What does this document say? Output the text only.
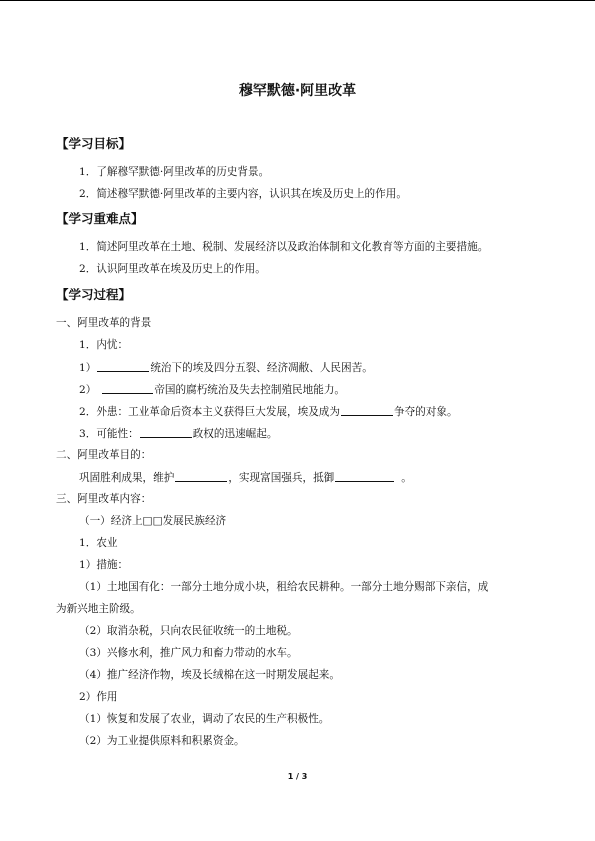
穆罕默德·阿里改革
【学习目标】
1．了解穆罕默德·阿里改革的历史背景。
2．简述穆罕默德·阿里改革的主要内容，认识其在埃及历史上的作用。
【学习重难点】
1．简述阿里改革在土地、税制、发展经济以及政治体制和文化教育等方面的主要措施。
2．认识阿里改革在埃及历史上的作用。
【学习过程】
一、阿里改革的背景
1．内忧：
1）	统治下的埃及四分五裂、经济凋敝、人民困苦。
2）	帝国的腐朽统治及失去控制殖民地能力。
2．外患：工业革命后资本主义获得巨大发展，埃及成为	争夺的对象。
3．可能性：	政权的迅速崛起。
二、阿里改革目的：
巩固胜利成果，维护	，实现富国强兵，抵御	。
三、阿里改革内容：
（一）经济上□□发展民族经济
1．农业
1）措施：
（1）土地国有化：一部分土地分成小块，租给农民耕种。一部分土地分赐部下亲信，成
为新兴地主阶级。
（2）取消杂税，只向农民征收统一的土地税。
（3）兴修水利，推广风力和畜力带动的水车。
（4）推广经济作物，埃及长绒棉在这一时期发展起来。
2）作用
（1）恢复和发展了农业，调动了农民的生产积极性。
（2）为工业提供原料和积累资金。
1 / 3
